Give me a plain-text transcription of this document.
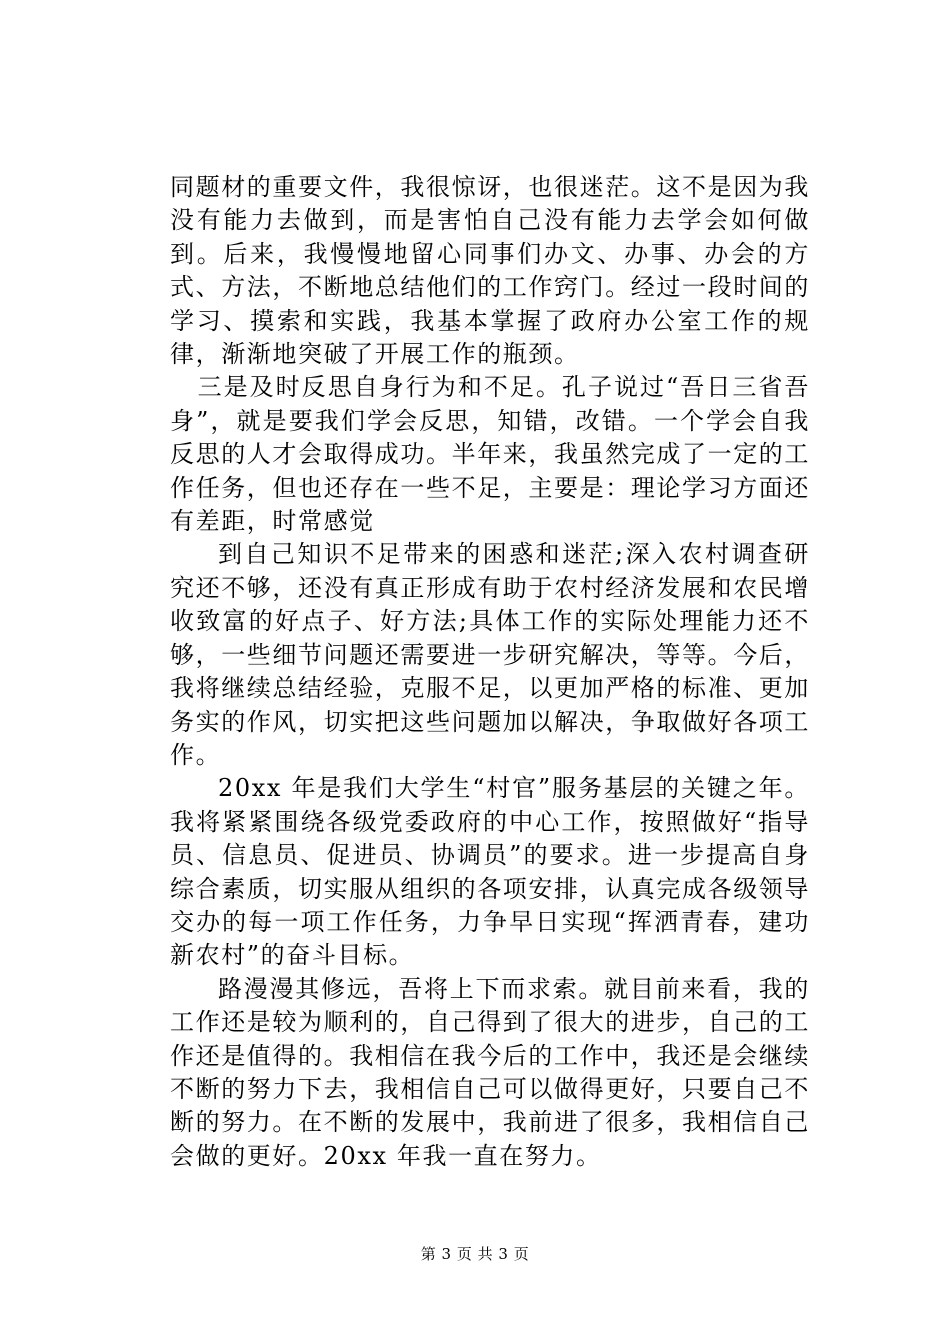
同题材的重要文件，我很惊讶，也很迷茫。这不是因为我没有能力去做到，而是害怕自己没有能力去学会如何做到。后来，我慢慢地留心同事们办文、办事、办会的方式、方法，不断地总结他们的工作窍门。经过一段时间的学习、摸索和实践，我基本掌握了政府办公室工作的规律，渐渐地突破了开展工作的瓶颈。

三是及时反思自身行为和不足。孔子说过“吾日三省吾身”，就是要我们学会反思，知错，改错。一个学会自我反思的人才会取得成功。半年来，我虽然完成了一定的工作任务，但也还存在一些不足，主要是：理论学习方面还有差距，时常感觉

到自己知识不足带来的困惑和迷茫;深入农村调查研究还不够，还没有真正形成有助于农村经济发展和农民增收致富的好点子、好方法;具体工作的实际处理能力还不够，一些细节问题还需要进一步研究解决，等等。今后，我将继续总结经验，克服不足，以更加严格的标准、更加务实的作风，切实把这些问题加以解决，争取做好各项工作。

20xx 年是我们大学生“村官”服务基层的关键之年。我将紧紧围绕各级党委政府的中心工作，按照做好“指导员、信息员、促进员、协调员”的要求。进一步提高自身综合素质，切实服从组织的各项安排，认真完成各级领导交办的每一项工作任务，力争早日实现“挥洒青春，建功新农村”的奋斗目标。

路漫漫其修远，吾将上下而求索。就目前来看，我的工作还是较为顺利的，自己得到了很大的进步，自己的工作还是值得的。我相信在我今后的工作中，我还是会继续不断的努力下去，我相信自己可以做得更好，只要自己不断的努力。在不断的发展中，我前进了很多，我相信自己会做的更好。20xx 年我一直在努力。

第 3 页 共 3 页
